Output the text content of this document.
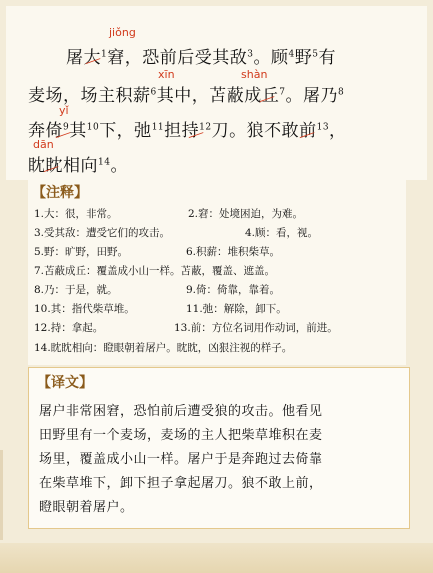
jiǒng
xīn	shàn
yǐ
dān
屠大$^1$窘，恐前后受其敌$^3$。顾$^4$野$^5$有
麦场，场主积薪$^6$其中，苫蔽成丘$^7$。屠乃$^8$
奔倚$^9$其$^{10}$下，弛$^{11}$担持$^{12}$刀。狼不敢前$^{13}$，
眈眈相向$^{14}$。
【注释】
1.大：很，非常。	2.窘：处境困迫，为难。
3.受其敌：遭受它们的攻击。	4.顾：看，视。
5.野：旷野，田野。	6.积薪：堆积柴草。
7.苫蔽成丘：覆盖成小山一样。苫蔽，覆盖、遮盖。
8.乃：于是，就。	9.倚：倚靠，靠着。
10.其：指代柴草堆。	11.弛：解除，卸下。
12.持：拿起。	13.前：方位名词用作动词，前进。
14.眈眈相向：瞪眼朝着屠户。眈眈，凶狠注视的样子。
【译文】
屠户非常困窘，恐怕前后遭受狼的攻击。他看见
田野里有一个麦场，麦场的主人把柴草堆积在麦
场里，覆盖成小山一样。屠户于是奔跑过去倚靠
在柴草堆下，卸下担子拿起屠刀。狼不敢上前，
瞪眼朝着屠户。
